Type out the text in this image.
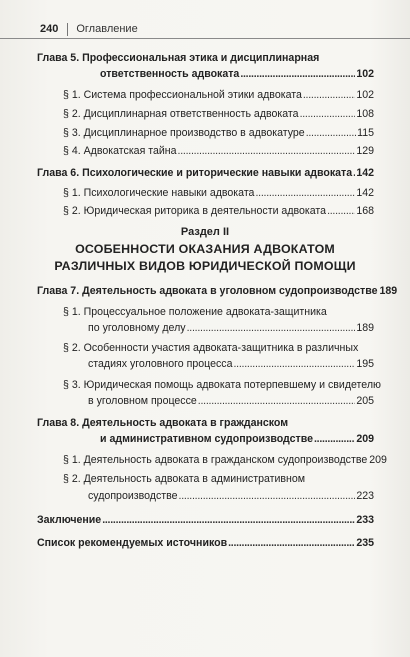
240 Оглавление
Глава 5. Профессиональная этика и дисциплинарная
ответственность адвоката . . .	102
§ 1. Система профессиональной этики адвоката . . .	102
§ 2. Дисциплинарная ответственность адвоката . . .	108
§ 3. Дисциплинарное производство в адвокатуре . . .	115
§ 4. Адвокатская тайна . . .	129
Глава 6. Психологические и риторические навыки адвоката . . . 142
§ 1. Психологические навыки адвоката . . .	142
§ 2. Юридическая риторика в деятельности адвоката . . .	168
Раздел II
ОСОБЕННОСТИ ОКАЗАНИЯ АДВОКАТОМ
РАЗЛИЧНЫХ ВИДОВ ЮРИДИЧЕСКОЙ ПОМОЩИ
Глава 7. Деятельность адвоката в уголовном судопроизводстве 189
§ 1. Процессуальное положение адвоката-защитника
по уголовному делу . . .	189
§ 2. Особенности участия адвоката-защитника в различных
стадиях уголовного процесса . . .	195
§ 3. Юридическая помощь адвоката потерпевшему и свидетелю
в уголовном процессе . . .	205
Глава 8. Деятельность адвоката в гражданском
и административном судопроизводстве . . .	209
§ 1. Деятельность адвоката в гражданском судопроизводстве 209
§ 2. Деятельность адвоката в административном
судопроизводстве . . .	223
Заключение . . .	233
Список рекомендуемых источников . . .	235
